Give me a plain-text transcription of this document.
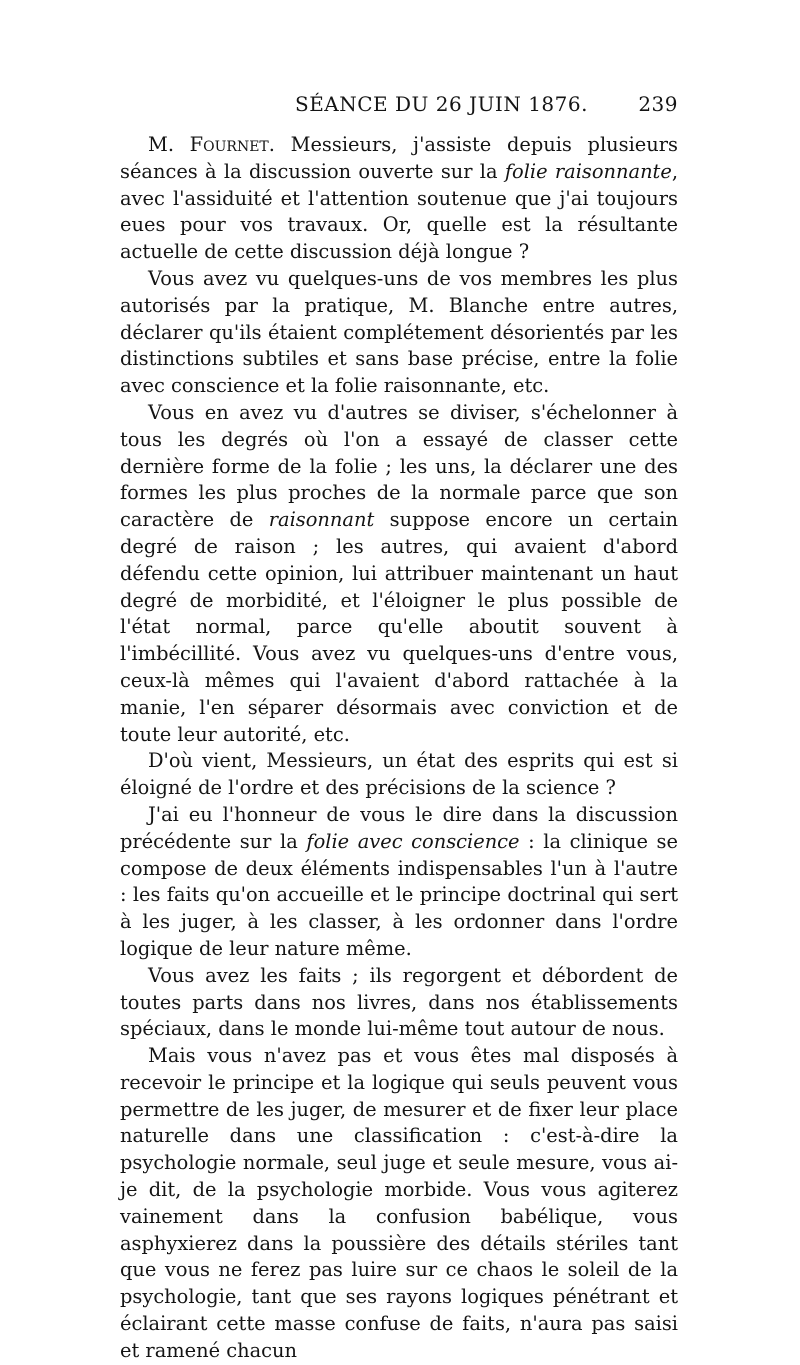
SÉANCE DU 26 JUIN 1876.	239

M. Fournet. Messieurs, j'assiste depuis plusieurs séances à la discussion ouverte sur la folie raisonnante, avec l'assiduité et l'attention soutenue que j'ai toujours eues pour vos travaux. Or, quelle est la résultante actuelle de cette discussion déjà longue ?

Vous avez vu quelques-uns de vos membres les plus autorisés par la pratique, M. Blanche entre autres, déclarer qu'ils étaient complétement désorientés par les distinctions subtiles et sans base précise, entre la folie avec conscience et la folie raisonnante, etc.

Vous en avez vu d'autres se diviser, s'échelonner à tous les degrés où l'on a essayé de classer cette dernière forme de la folie ; les uns, la déclarer une des formes les plus proches de la normale parce que son caractère de raisonnant suppose encore un certain degré de raison ; les autres, qui avaient d'abord défendu cette opinion, lui attribuer maintenant un haut degré de morbidité, et l'éloigner le plus possible de l'état normal, parce qu'elle aboutit souvent à l'imbécillité. Vous avez vu quelques-uns d'entre vous, ceux-là mêmes qui l'avaient d'abord rattachée à la manie, l'en séparer désormais avec conviction et de toute leur autorité, etc.

D'où vient, Messieurs, un état des esprits qui est si éloigné de l'ordre et des précisions de la science ?

J'ai eu l'honneur de vous le dire dans la discussion précédente sur la folie avec conscience : la clinique se compose de deux éléments indispensables l'un à l'autre : les faits qu'on accueille et le principe doctrinal qui sert à les juger, à les classer, à les ordonner dans l'ordre logique de leur nature même.

Vous avez les faits ; ils regorgent et débordent de toutes parts dans nos livres, dans nos établissements spéciaux, dans le monde lui-même tout autour de nous.

Mais vous n'avez pas et vous êtes mal disposés à recevoir le principe et la logique qui seuls peuvent vous permettre de les juger, de mesurer et de fixer leur place naturelle dans une classification : c'est-à-dire la psychologie normale, seul juge et seule mesure, vous ai-je dit, de la psychologie morbide. Vous vous agiterez vainement dans la confusion babélique, vous asphyxierez dans la poussière des détails stériles tant que vous ne ferez pas luire sur ce chaos le soleil de la psychologie, tant que ses rayons logiques pénétrant et éclairant cette masse confuse de faits, n'aura pas saisi et ramené chacun
